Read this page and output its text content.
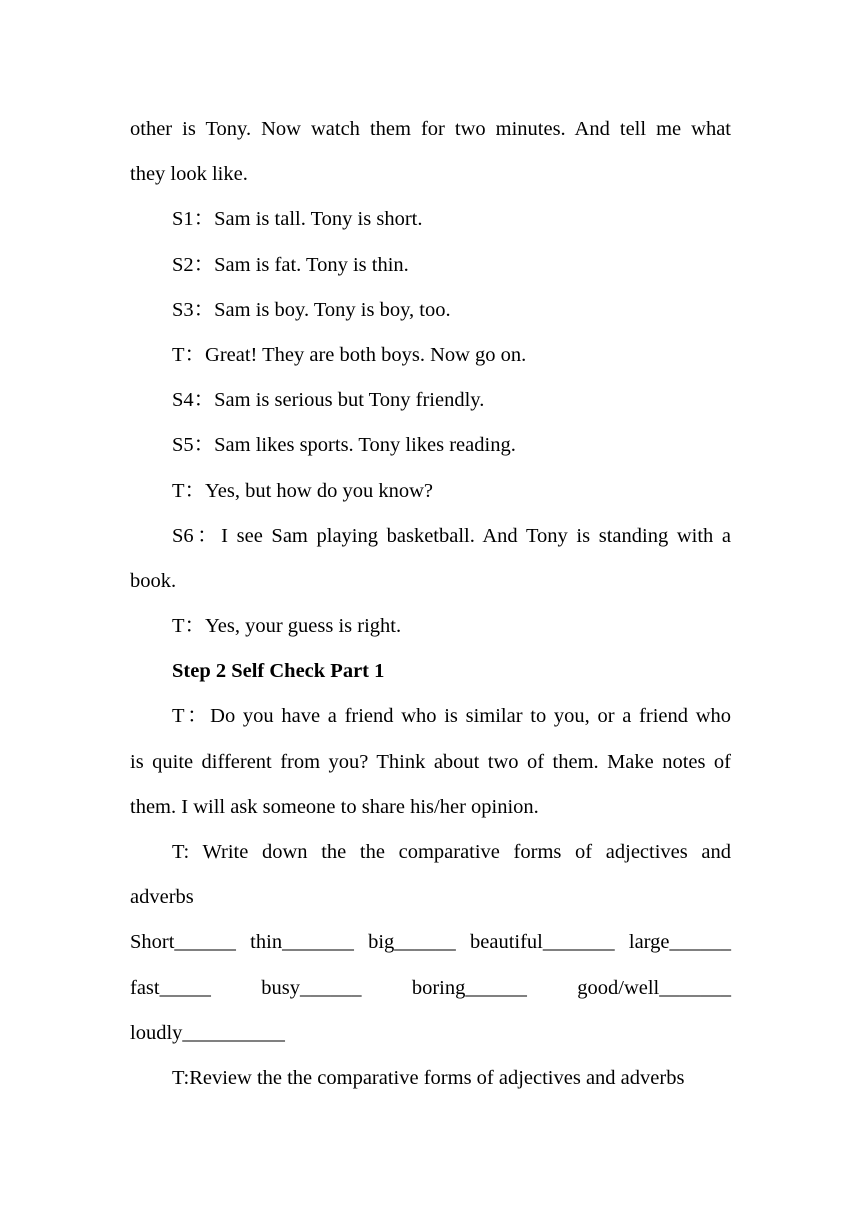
other is Tony. Now watch them for two minutes. And tell me what
they look like.
S1：Sam is tall. Tony is short.
S2：Sam is fat. Tony is thin.
S3：Sam is boy. Tony is boy, too.
T：Great! They are both boys. Now go on.
S4：Sam is serious but Tony friendly.
S5：Sam likes sports. Tony likes reading.
T：Yes, but how do you know?
S6：I see Sam playing basketball. And Tony is standing with a
book.
T：Yes, your guess is right.
Step 2 Self Check Part 1
T：Do you have a friend who is similar to you, or a friend who
is quite different from you? Think about two of them. Make notes of
them. I will ask someone to share his/her opinion.
T: Write down the the comparative forms of adjectives and
adverbs
Short______ thin_______ big______ beautiful_______ large______
fast_____ busy______ boring______ good/well_______
loudly__________
T:Review the the comparative forms of adjectives and adverbs
